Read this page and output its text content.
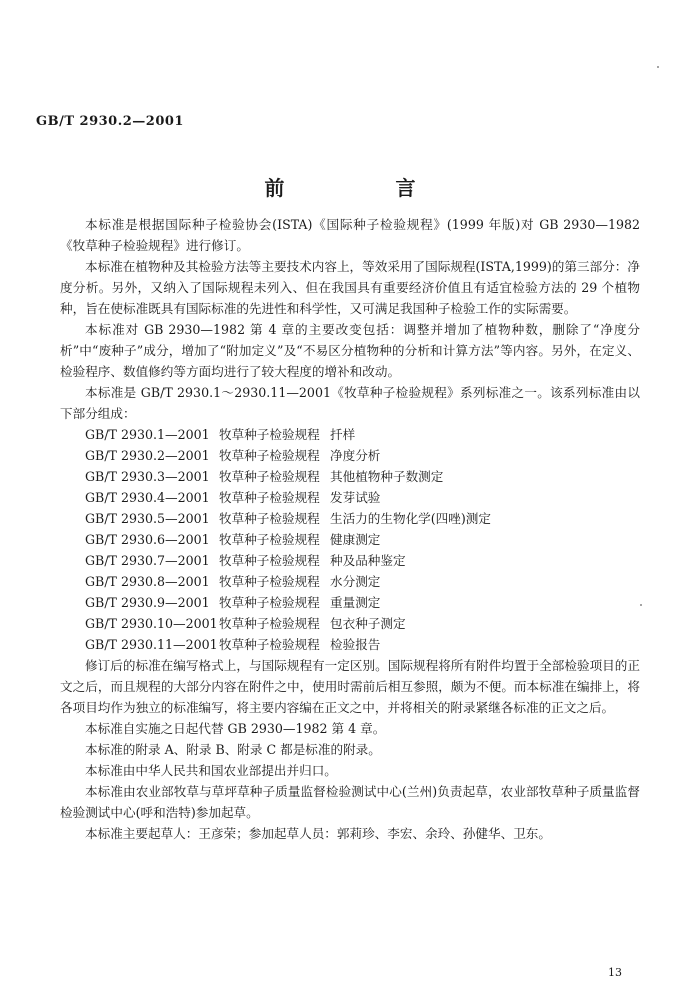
GB/T 2930.2—2001
前 言

本标准是根据国际种子检验协会(ISTA)《国际种子检验规程》(1999 年版)对 GB 2930—1982《牧草种子检验规程》进行修订。

本标准在植物种及其检验方法等主要技术内容上，等效采用了国际规程(ISTA,1999)的第三部分：净度分析。另外，又纳入了国际规程未列入、但在我国具有重要经济价值且有适宜检验方法的 29 个植物种，旨在使标准既具有国际标准的先进性和科学性，又可满足我国种子检验工作的实际需要。

本标准对 GB 2930—1982 第 4 章的主要改变包括：调整并增加了植物种数，删除了“净度分析”中“废种子”成分，增加了“附加定义”及“不易区分植物种的分析和计算方法”等内容。另外，在定义、检验程序、数值修约等方面均进行了较大程度的增补和改动。

本标准是 GB/T 2930.1～2930.11—2001《牧草种子检验规程》系列标准之一。该系列标准由以下部分组成：

GB/T 2930.1—2001 牧草种子检验规程 扦样
GB/T 2930.2—2001 牧草种子检验规程 净度分析
GB/T 2930.3—2001 牧草种子检验规程 其他植物种子数测定
GB/T 2930.4—2001 牧草种子检验规程 发芽试验
GB/T 2930.5—2001 牧草种子检验规程 生活力的生物化学(四唑)测定
GB/T 2930.6—2001 牧草种子检验规程 健康测定
GB/T 2930.7—2001 牧草种子检验规程 种及品种鉴定
GB/T 2930.8—2001 牧草种子检验规程 水分测定
GB/T 2930.9—2001 牧草种子检验规程 重量测定
GB/T 2930.10—2001牧草种子检验规程 包衣种子测定
GB/T 2930.11—2001牧草种子检验规程 检验报告

修订后的标准在编写格式上，与国际规程有一定区别。国际规程将所有附件均置于全部检验项目的正文之后，而且规程的大部分内容在附件之中，使用时需前后相互参照，颇为不便。而本标准在编排上，将各项目均作为独立的标准编写，将主要内容编在正文之中，并将相关的附录紧继各标准的正文之后。

本标准自实施之日起代替 GB 2930—1982 第 4 章。

本标准的附录 A、附录 B、附录 C 都是标准的附录。

本标准由中华人民共和国农业部提出并归口。

本标准由农业部牧草与草坪草种子质量监督检验测试中心(兰州)负责起草，农业部牧草种子质量监督检验测试中心(呼和浩特)参加起草。

本标准主要起草人：王彦荣；参加起草人员：郭莉珍、李宏、余玲、孙健华、卫东。

13
